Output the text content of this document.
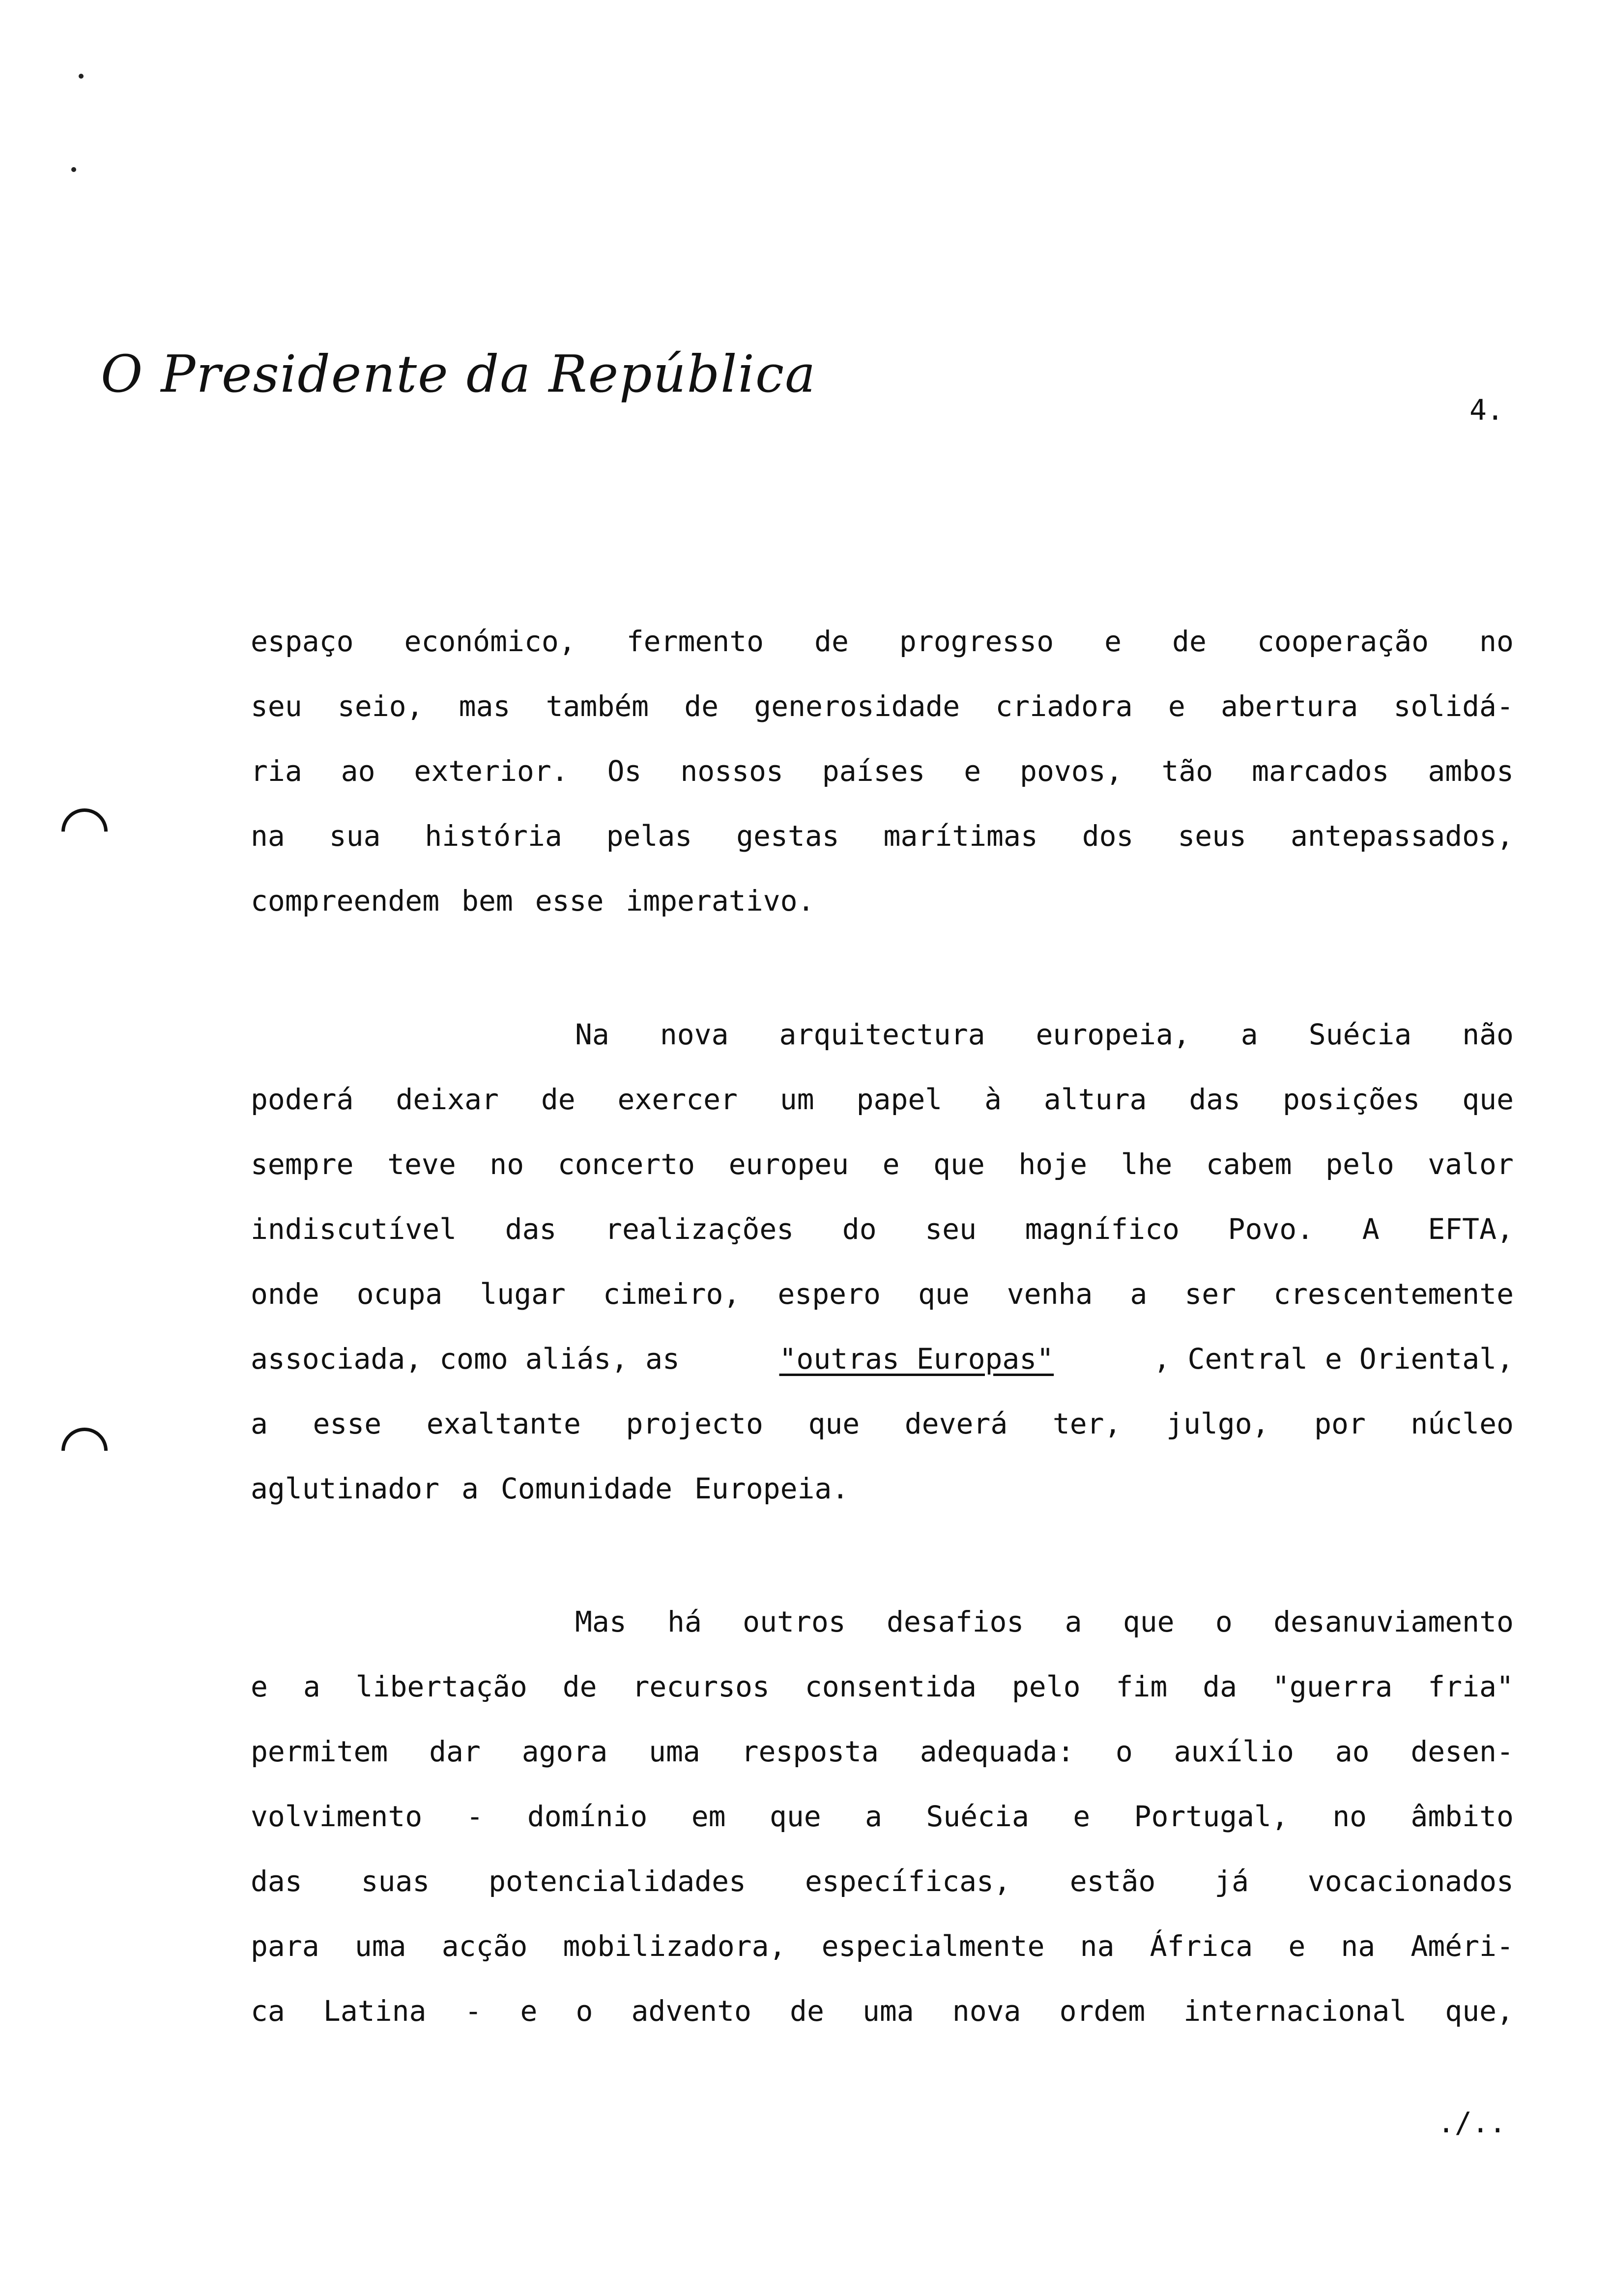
O Presidente da República
4.
espaço económico, fermento de progresso e de cooperação no
seu seio, mas também de generosidade criadora e abertura solidá-
ria ao exterior. Os nossos países e povos, tão marcados ambos
na sua história pelas gestas marítimas dos seus antepassados,
compreendem bem esse imperativo.
Na nova arquitectura europeia, a Suécia não
poderá deixar de exercer um papel à altura das posições que
sempre teve no concerto europeu e que hoje lhe cabem pelo valor
indiscutível das realizações do seu magnífico Povo. A EFTA,
onde ocupa lugar cimeiro, espero que venha a ser crescentemente
associada, como aliás, as	"outras Europas"	, Central e Oriental,
a esse exaltante projecto que deverá ter, julgo, por núcleo
aglutinador a Comunidade Europeia.
Mas há outros desafios a que o desanuviamento
e a libertação de recursos consentida pelo fim da "guerra fria"
permitem dar agora uma resposta adequada: o auxílio ao desen-
volvimento - domínio em que a Suécia e Portugal, no âmbito
das suas potencialidades específicas, estão já vocacionados
para uma acção mobilizadora, especialmente na África e na Améri-
ca Latina - e o advento de uma nova ordem internacional que,
./..
